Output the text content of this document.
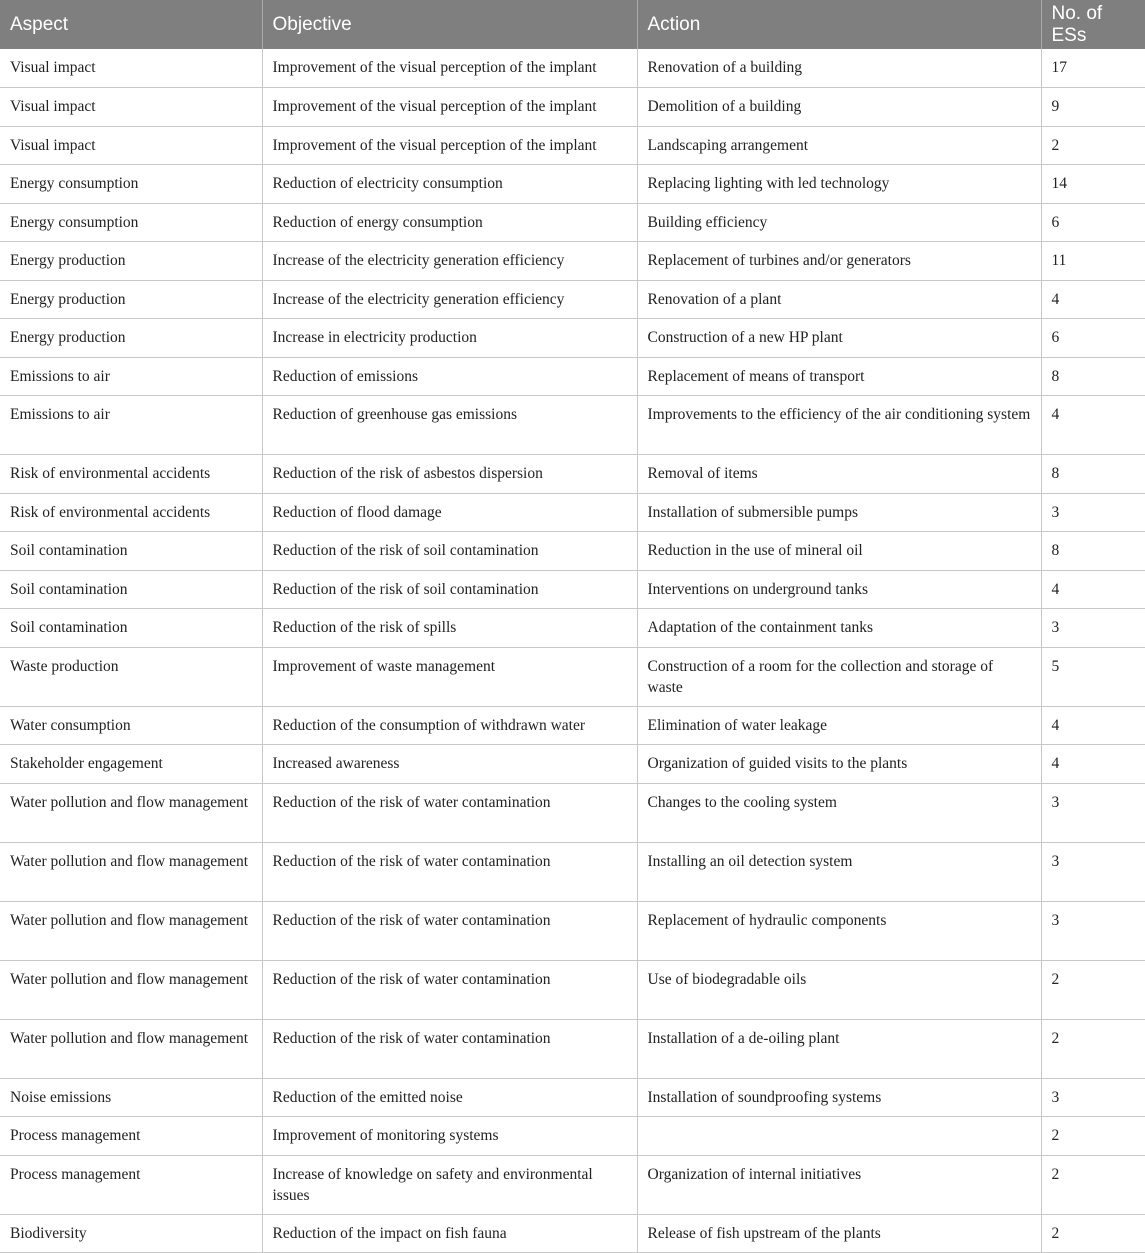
Aspect	Objective	Action	No. of ESs
Visual impact	Improvement of the visual perception of the implant	Renovation of a building	17
Visual impact	Improvement of the visual perception of the implant	Demolition of a building	9
Visual impact	Improvement of the visual perception of the implant	Landscaping arrangement	2
Energy consumption	Reduction of electricity consumption	Replacing lighting with led technology	14
Energy consumption	Reduction of energy consumption	Building efficiency	6
Energy production	Increase of the electricity generation efficiency	Replacement of turbines and/or generators	11
Energy production	Increase of the electricity generation efficiency	Renovation of a plant	4
Energy production	Increase in electricity production	Construction of a new HP plant	6
Emissions to air	Reduction of emissions	Replacement of means of transport	8
Emissions to air	Reduction of greenhouse gas emissions	Improvements to the efficiency of the air conditioning system	4
Risk of environmental accidents	Reduction of the risk of asbestos dispersion	Removal of items	8
Risk of environmental accidents	Reduction of flood damage	Installation of submersible pumps	3
Soil contamination	Reduction of the risk of soil contamination	Reduction in the use of mineral oil	8
Soil contamination	Reduction of the risk of soil contamination	Interventions on underground tanks	4
Soil contamination	Reduction of the risk of spills	Adaptation of the containment tanks	3
Waste production	Improvement of waste management	Construction of a room for the collection and storage of waste	5
Water consumption	Reduction of the consumption of withdrawn water	Elimination of water leakage	4
Stakeholder engagement	Increased awareness	Organization of guided visits to the plants	4
Water pollution and flow management	Reduction of the risk of water contamination	Changes to the cooling system	3
Water pollution and flow management	Reduction of the risk of water contamination	Installing an oil detection system	3
Water pollution and flow management	Reduction of the risk of water contamination	Replacement of hydraulic components	3
Water pollution and flow management	Reduction of the risk of water contamination	Use of biodegradable oils	2
Water pollution and flow management	Reduction of the risk of water contamination	Installation of a de-oiling plant	2
Noise emissions	Reduction of the emitted noise	Installation of soundproofing systems	3
Process management	Improvement of monitoring systems		2
Process management	Increase of knowledge on safety and environmental issues	Organization of internal initiatives	2
Biodiversity	Reduction of the impact on fish fauna	Release of fish upstream of the plants	2
